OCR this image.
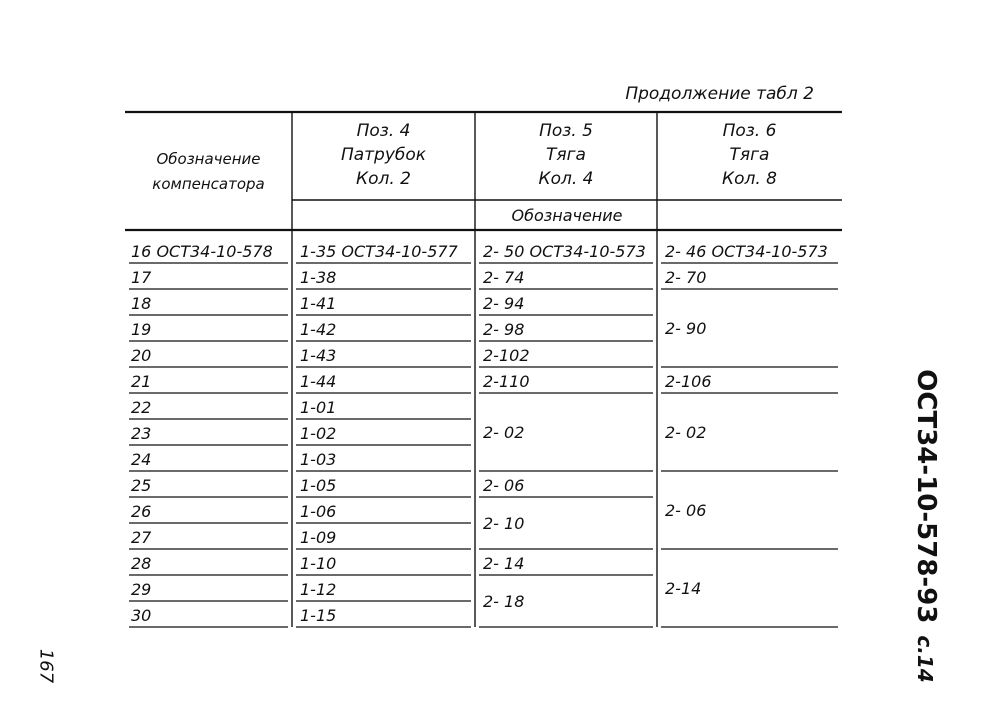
Продолжение табл 2
Обозначение
компенсатора
Поз. 4
Патрубок
Кол. 2
Поз. 5
Тяга
Кол. 4
Поз. 6
Тяга
Кол. 8
Обозначение
16 ОСТ34-10-578
17
18
19
20
21
22
23
24
25
26
27
28
29
30
1-35 ОСТ34-10-577
1-38
1-41
1-42
1-43
1-44
1-01
1-02
1-03
1-05
1-06
1-09
1-10
1-12
1-15
2- 50 ОСТ34-10-573
2- 74
2- 94
2- 98
2-102
2-110
2- 02
2- 06
2- 10
2- 14
2- 18
2- 46 ОСТ34-10-573
2- 70
2- 90
2-106
2- 02
2- 06
2-14	ОСТ34-10-578-93с.14
167
